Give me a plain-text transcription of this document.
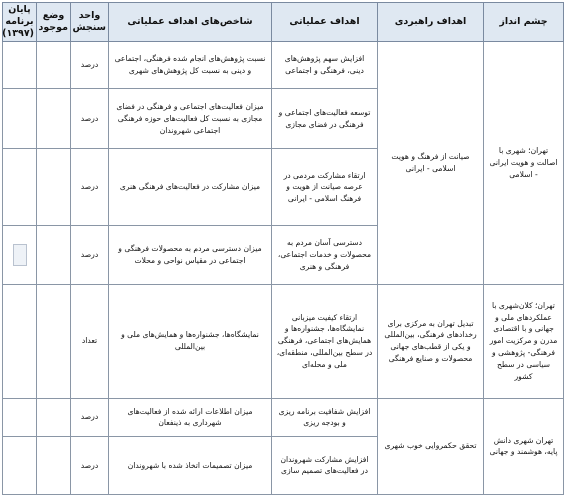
چشم انداز	اهداف راهبردی	اهداف عملیاتی	شاخص‌های اهداف عملیاتی	واحد سنجش	وضع موجود	پایان برنامه (۱۳۹۷)
تهران؛ شهری با اصالت و هویت ایرانی - اسلامی	صیانت از فرهنگ و هویت اسلامی - ایرانی	افزایش سهم پژوهش‌های دینی، فرهنگی و اجتماعی	نسبت پژوهش‌های انجام شده فرهنگی، اجتماعی و دینی به نسبت کل پژوهش‌های شهری	درصد		
		توسعه فعالیت‌های اجتماعی و فرهنگی در فضای مجازی	میزان فعالیت‌های اجتماعی و فرهنگی در فضای مجازی به نسبت کل فعالیت‌های حوزه فرهنگی اجتماعی شهروندان	درصد		
		ارتقاء مشارکت مردمی در عرصه صیانت از هویت و فرهنگ اسلامی - ایرانی	میزان مشارکت در فعالیت‌های فرهنگی هنری	درصد		
		دسترسی آسان مردم به محصولات و خدمات اجتماعی، فرهنگی و هنری	میزان دسترسی مردم به محصولات فرهنگی و اجتماعی در مقیاس نواحی و محلات	درصد		

تهران؛ کلان‌شهری با عملکردهای ملی و جهانی و با اقتصادی مدرن و مرکزیت امور فرهنگی- پژوهشی و سیاسی در سطح کشور	تبدیل تهران به مرکزی برای رخدادهای فرهنگی، بین‌المللی و یکی از قطب‌های جهانی محصولات و صنایع فرهنگی	ارتقاء کیفیت میزبانی نمایشگاه‌ها، جشنواره‌ها و همایش‌های اجتماعی، فرهنگی در سطح بین‌المللی، منطقه‌ای، ملی و محله‌ای	نمایشگاه‌ها، جشنواره‌ها و همایش‌های ملی و بین‌المللی	تعداد		
تهران شهری دانش پایه، هوشمند و جهانی	تحقق حکمروایی خوب شهری	افزایش شفافیت برنامه ریزی و بودجه ریزی	میزان اطلاعات ارائه شده از فعالیت‌های شهرداری به ذینفعان	درصد		
		افزایش مشارکت شهروندان در فعالیت‌های تصمیم سازی	میزان تصمیمات اتخاذ شده با شهروندان	درصد		
